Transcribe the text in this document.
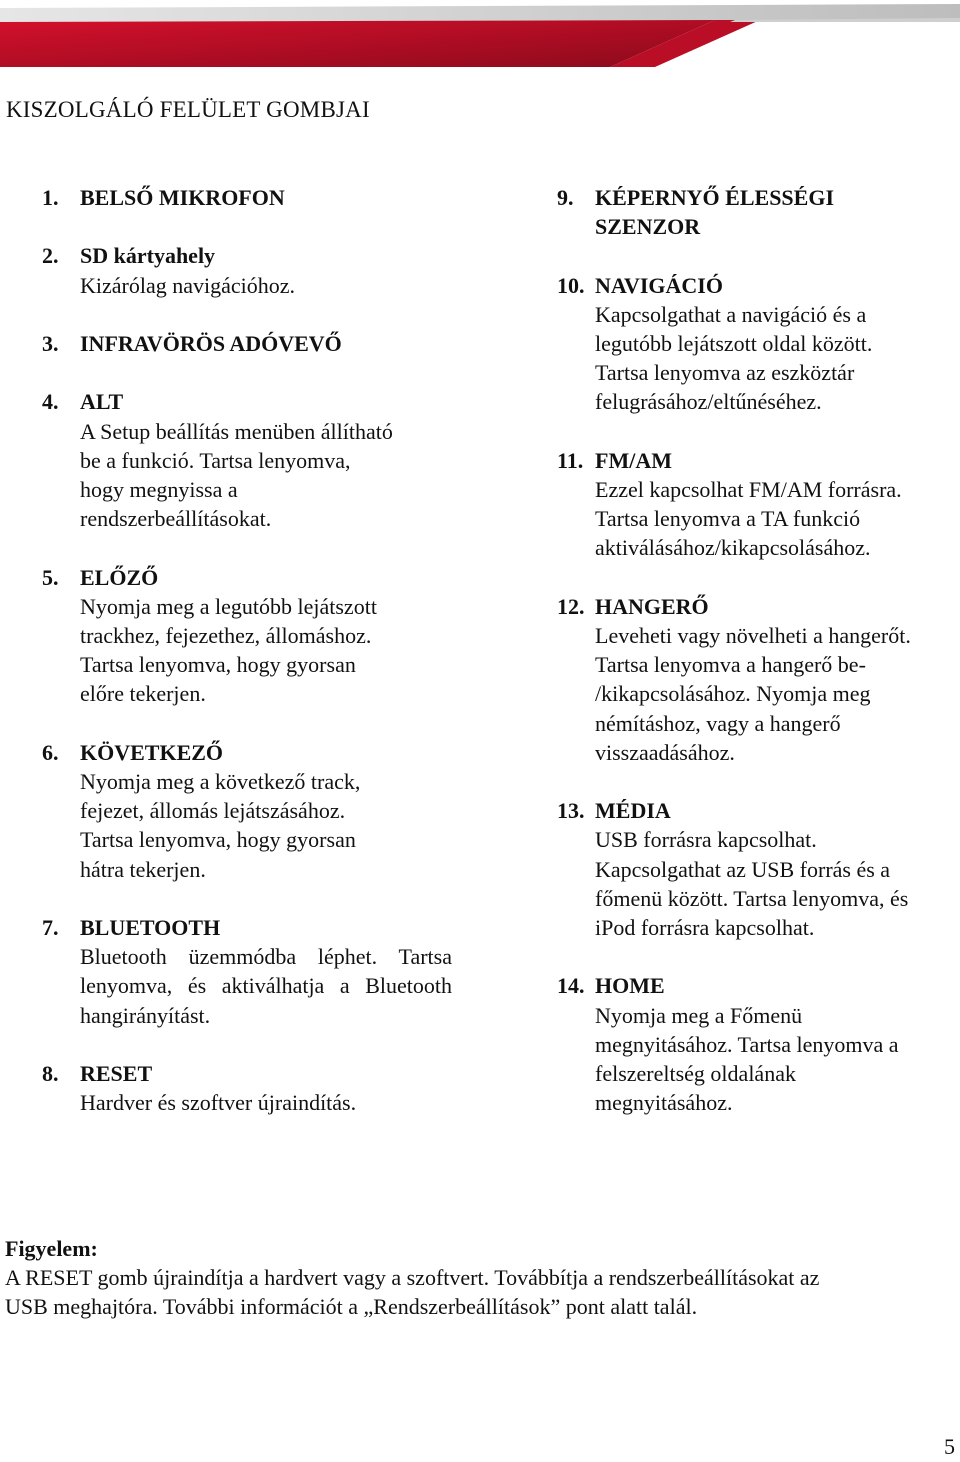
KISZOLGÁLÓ FELÜLET GOMBJAI
1. BELSŐ MIKROFON
2. SD kártyahely
Kizárólag navigációhoz.
3. INFRAVÖRÖS ADÓVEVŐ
4. ALT
A Setup beállítás menüben állítható
be a funkció. Tartsa lenyomva,
hogy megnyissa a
rendszerbeállításokat.
5. ELŐZŐ
Nyomja meg a legutóbb lejátszott
trackhez, fejezethez, állomáshoz.
Tartsa lenyomva, hogy gyorsan
előre tekerjen.
6. KÖVETKEZŐ
Nyomja meg a következő track,
fejezet, állomás lejátszásához.
Tartsa lenyomva, hogy gyorsan
hátra tekerjen.
7. BLUETOOTH
Bluetooth üzemmódba léphet. Tartsa lenyomva, és aktiválhatja a Bluetooth hangirányítást.
8. RESET
Hardver és szoftver újraindítás.
9. KÉPERNYŐ ÉLESSÉGI
SZENZOR
10. NAVIGÁCIÓ
Kapcsolgathat a navigáció és a
legutóbb lejátszott oldal között.
Tartsa lenyomva az eszköztár
felugrásához/eltűnéséhez.
11. FM/AM
Ezzel kapcsolhat FM/AM forrásra.
Tartsa lenyomva a TA funkció
aktiválásához/kikapcsolásához.
12. HANGERŐ
Leveheti vagy növelheti a hangerőt.
Tartsa lenyomva a hangerő be-
/kikapcsolásához. Nyomja meg
némításhoz, vagy a hangerő
visszaadásához.
13. MÉDIA
USB forrásra kapcsolhat.
Kapcsolgathat az USB forrás és a
főmenü között. Tartsa lenyomva, és
iPod forrásra kapcsolhat.
14. HOME
Nyomja meg a Főmenü
megnyitásához. Tartsa lenyomva a
felszereltség oldalának
megnyitásához.
Figyelem:
A RESET gomb újraindítja a hardvert vagy a szoftvert. Továbbítja a rendszerbeállításokat az
USB meghajtóra. További információt a „Rendszerbeállítások” pont alatt talál.
5
